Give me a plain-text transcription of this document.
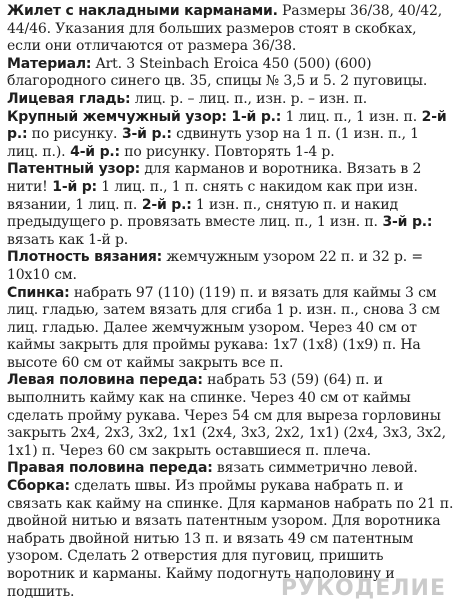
Жилет с накладными карманами. Размеры 36/38, 40/42, 44/46. Указания для больших размеров стоят в скобках, если они отличаются от размера 36/38.

Материал: Art. 3 Steinbach Eroica 450 (500) (600) благородного синего цв. 35, спицы № 3,5 и 5. 2 пуговицы.

Лицевая гладь: лиц. р. – лиц. п., изн. р. – изн. п.

Крупный жемчужный узор: 1-й р.: 1 лиц. п., 1 изн. п. 2-й р.: по рисунку. 3-й р.: сдвинуть узор на 1 п. (1 изн. п., 1 лиц. п.). 4-й р.: по рисунку. Повторять 1-4 р.

Патентный узор: для карманов и воротника. Вязать в 2 нити! 1-й р: 1 лиц. п., 1 п. снять с накидом как при изн. вязании, 1 лиц. п. 2-й р.: 1 изн. п., снятую п. и накид предыдущего р. провязать вместе лиц. п., 1 изн. п. 3-й р.: вязать как 1-й р.

Плотность вязания: жемчужным узором 22 п. и 32 р. = 10х10 см.

Спинка: набрать 97 (110) (119) п. и вязать для каймы 3 см лиц. гладью, затем вязать для сгиба 1 р. изн. п., снова 3 см лиц. гладью. Далее жемчужным узором. Через 40 см от каймы закрыть для проймы рукава: 1х7 (1х8) (1х9) п. На высоте 60 см от каймы закрыть все п.

Левая половина переда: набрать 53 (59) (64) п. и выполнить кайму как на спинке. Через 40 см от каймы сделать пройму рукава. Через 54 см для выреза горловины закрыть 2х4, 2х3, 3х2, 1х1 (2х4, 3х3, 2х2, 1х1) (2х4, 3х3, 3х2, 1х1) п. Через 60 см закрыть оставшиеся п. плеча.

Правая половина переда: вязать симметрично левой.

Сборка: сделать швы. Из проймы рукава набрать п. и связать как кайму на спинке. Для карманов набрать по 21 п. двойной нитью и вязать патентным узором. Для воротника набрать двойной нитью 13 п. и вязать 49 см патентным узором. Сделать 2 отверстия для пуговиц, пришить воротник и карманы. Кайму подогнуть наполовину и подшить.	РУКОДЕЛИЕ
